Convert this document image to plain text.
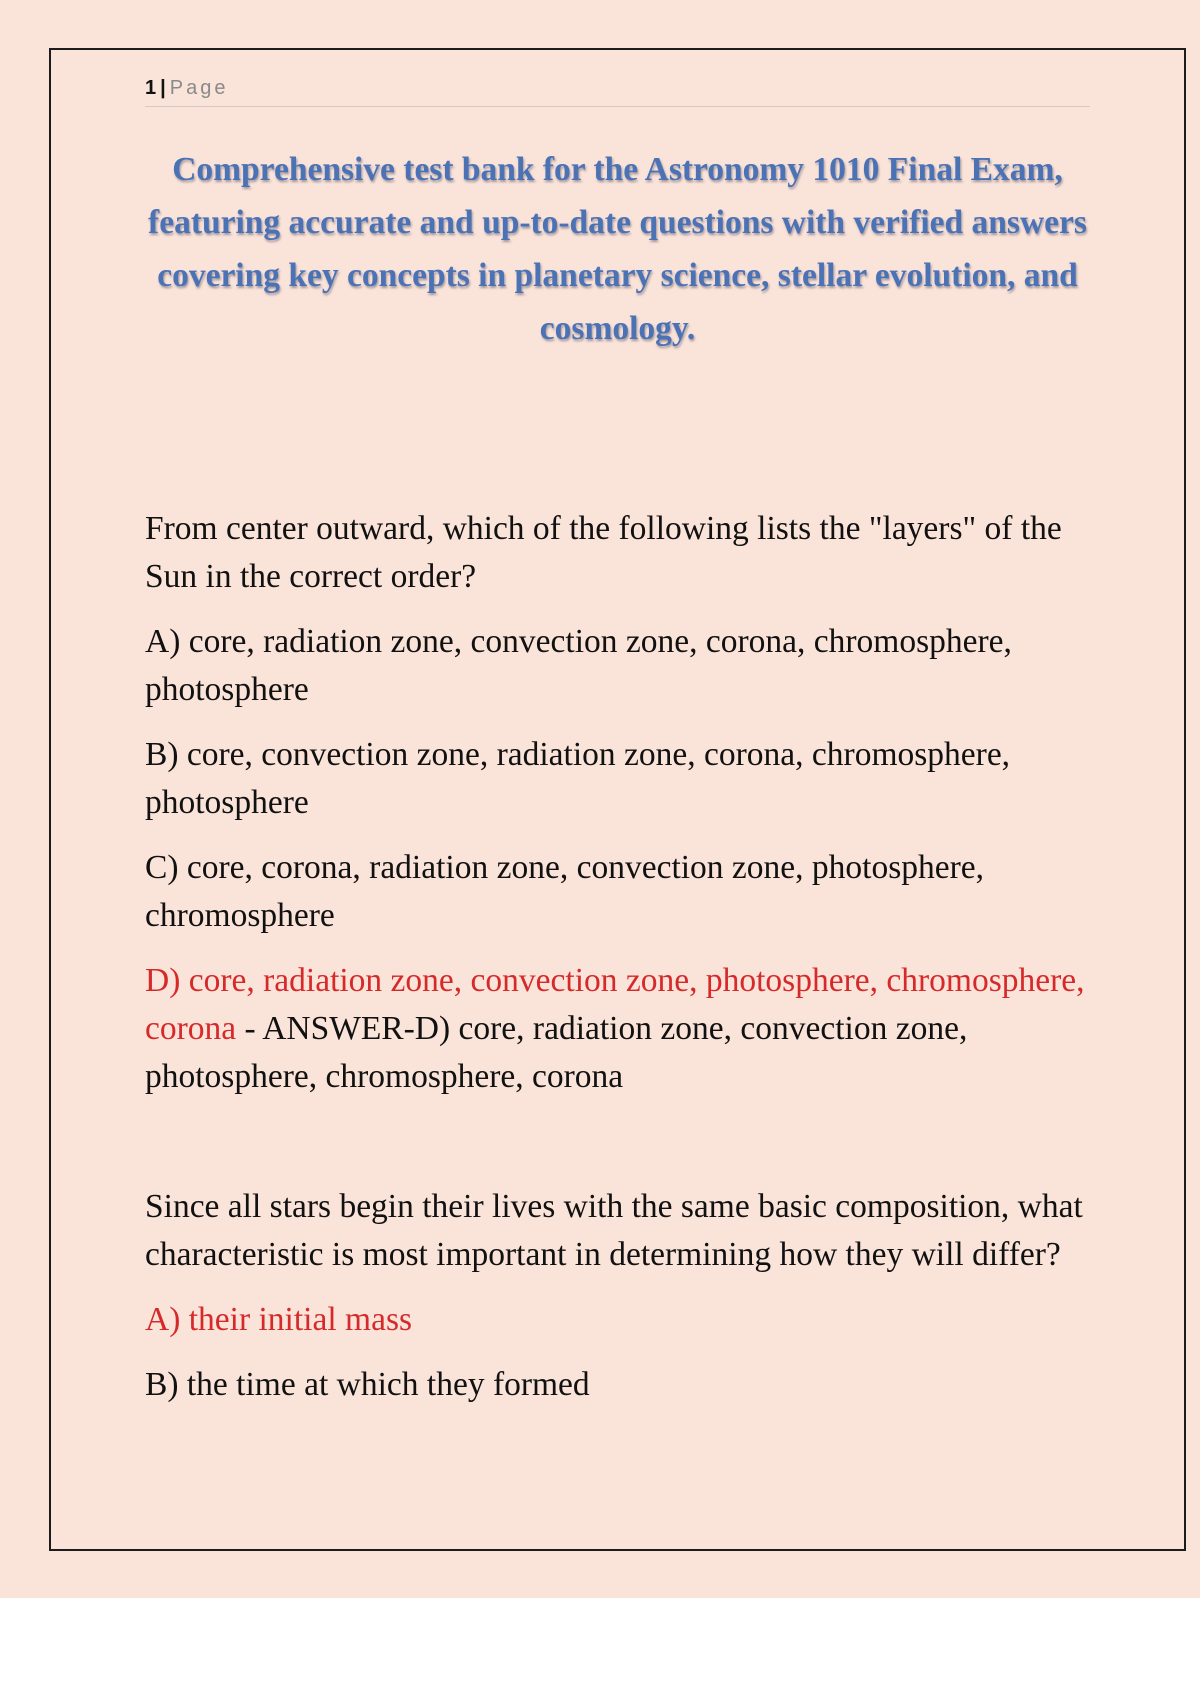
1 | Page
Comprehensive test bank for the Astronomy 1010 Final Exam, featuring accurate and up-to-date questions with verified answers covering key concepts in planetary science, stellar evolution, and cosmology.

From center outward, which of the following lists the "layers" of the Sun in the correct order?

A) core, radiation zone, convection zone, corona, chromosphere, photosphere

B) core, convection zone, radiation zone, corona, chromosphere, photosphere

C) core, corona, radiation zone, convection zone, photosphere, chromosphere

D) core, radiation zone, convection zone, photosphere, chromosphere, corona - ANSWER-D) core, radiation zone, convection zone, photosphere, chromosphere, corona

Since all stars begin their lives with the same basic composition, what characteristic is most important in determining how they will differ?

A) their initial mass

B) the time at which they formed
